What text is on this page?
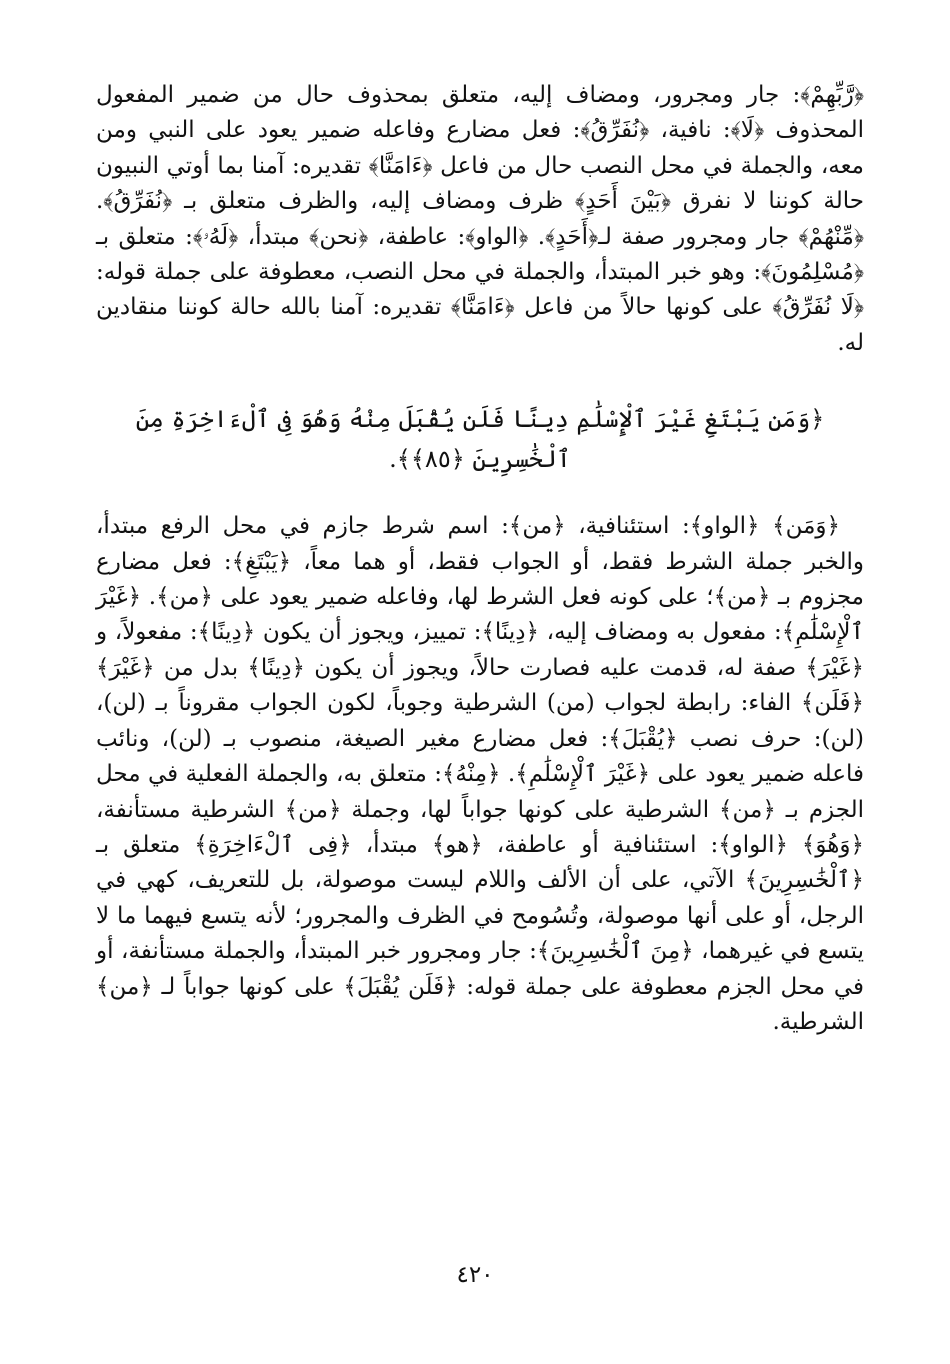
﴿رَّبِّهِمْ﴾: جار ومجرور، ومضاف إليه، متعلق بمحذوف حال من ضمير المفعول المحذوف ﴿لَا﴾: نافية، ﴿نُفَرِّقُ﴾: فعل مضارع وفاعله ضمير يعود على النبي ومن معه، والجملة في محل النصب حال من فاعل ﴿ءَامَنَّا﴾ تقديره: آمنا بما أوتي النبيون حالة كوننا لا نفرق ﴿بَيْنَ أَحَدٍ﴾ ظرف ومضاف إليه، والظرف متعلق بـ ﴿نُفَرِّقُ﴾. ﴿مِّنْهُمْ﴾ جار ومجرور صفة لـ﴿أَحَدٍ﴾. ﴿الواو﴾: عاطفة، ﴿نحن﴾ مبتدأ، ﴿لَهُۥ﴾: متعلق بـ ﴿مُسْلِمُونَ﴾: وهو خبر المبتدأ، والجملة في محل النصب، معطوفة على جملة قوله: ﴿لَا نُفَرِّقُ﴾ على كونها حالاً من فاعل ﴿ءَامَنَّا﴾ تقديره: آمنا بالله حالة كوننا منقادين له.

﴿وَمَن يَبْتَغِ غَيْرَ ٱلْإِسْلَٰمِ دِينًا فَلَن يُقْبَلَ مِنْهُ وَهُوَ فِى ٱلْءَاخِرَةِ مِنَ ٱلْخَٰسِرِينَ ﴿٨٥﴾﴾.

﴿وَمَن﴾ ﴿الواو﴾: استئنافية، ﴿من﴾: اسم شرط جازم في محل الرفع مبتدأ، والخبر جملة الشرط فقط، أو الجواب فقط، أو هما معاً، ﴿يَبْتَغِ﴾: فعل مضارع مجزوم بـ ﴿من﴾؛ على كونه فعل الشرط لها، وفاعله ضمير يعود على ﴿من﴾. ﴿غَيْرَ ٱلْإِسْلَٰمِ﴾: مفعول به ومضاف إليه، ﴿دِينًا﴾: تمييز، ويجوز أن يكون ﴿دِينًا﴾: مفعولاً، و ﴿غَيْرَ﴾ صفة له، قدمت عليه فصارت حالاً، ويجوز أن يكون ﴿دِينًا﴾ بدل من ﴿غَيْرَ﴾ ﴿فَلَن﴾ الفاء: رابطة لجواب (من) الشرطية وجوباً، لكون الجواب مقروناً بـ (لن)، (لن): حرف نصب ﴿يُقْبَلَ﴾: فعل مضارع مغير الصيغة، منصوب بـ (لن)، ونائب فاعله ضمير يعود على ﴿غَيْرَ ٱلْإِسْلَٰمِ﴾. ﴿مِنْهُ﴾: متعلق به، والجملة الفعلية في محل الجزم بـ ﴿من﴾ الشرطية على كونها جواباً لها، وجملة ﴿من﴾ الشرطية مستأنفة، ﴿وَهُوَ﴾ ﴿الواو﴾: استئنافية أو عاطفة، ﴿هو﴾ مبتدأ، ﴿فِى ٱلْءَاخِرَةِ﴾ متعلق بـ ﴿ٱلْخَٰسِرِينَ﴾ الآتي، على أن الألف واللام ليست موصولة، بل للتعريف، كهي في الرجل، أو على أنها موصولة، وتُسُومح في الظرف والمجرور؛ لأنه يتسع فيهما ما لا يتسع في غيرهما، ﴿مِنَ ٱلْخَٰسِرِينَ﴾: جار ومجرور خبر المبتدأ، والجملة مستأنفة، أو في محل الجزم معطوفة على جملة قوله: ﴿فَلَن يُقْبَلَ﴾ على كونها جواباً لـ ﴿من﴾ الشرطية.

٤٢٠
